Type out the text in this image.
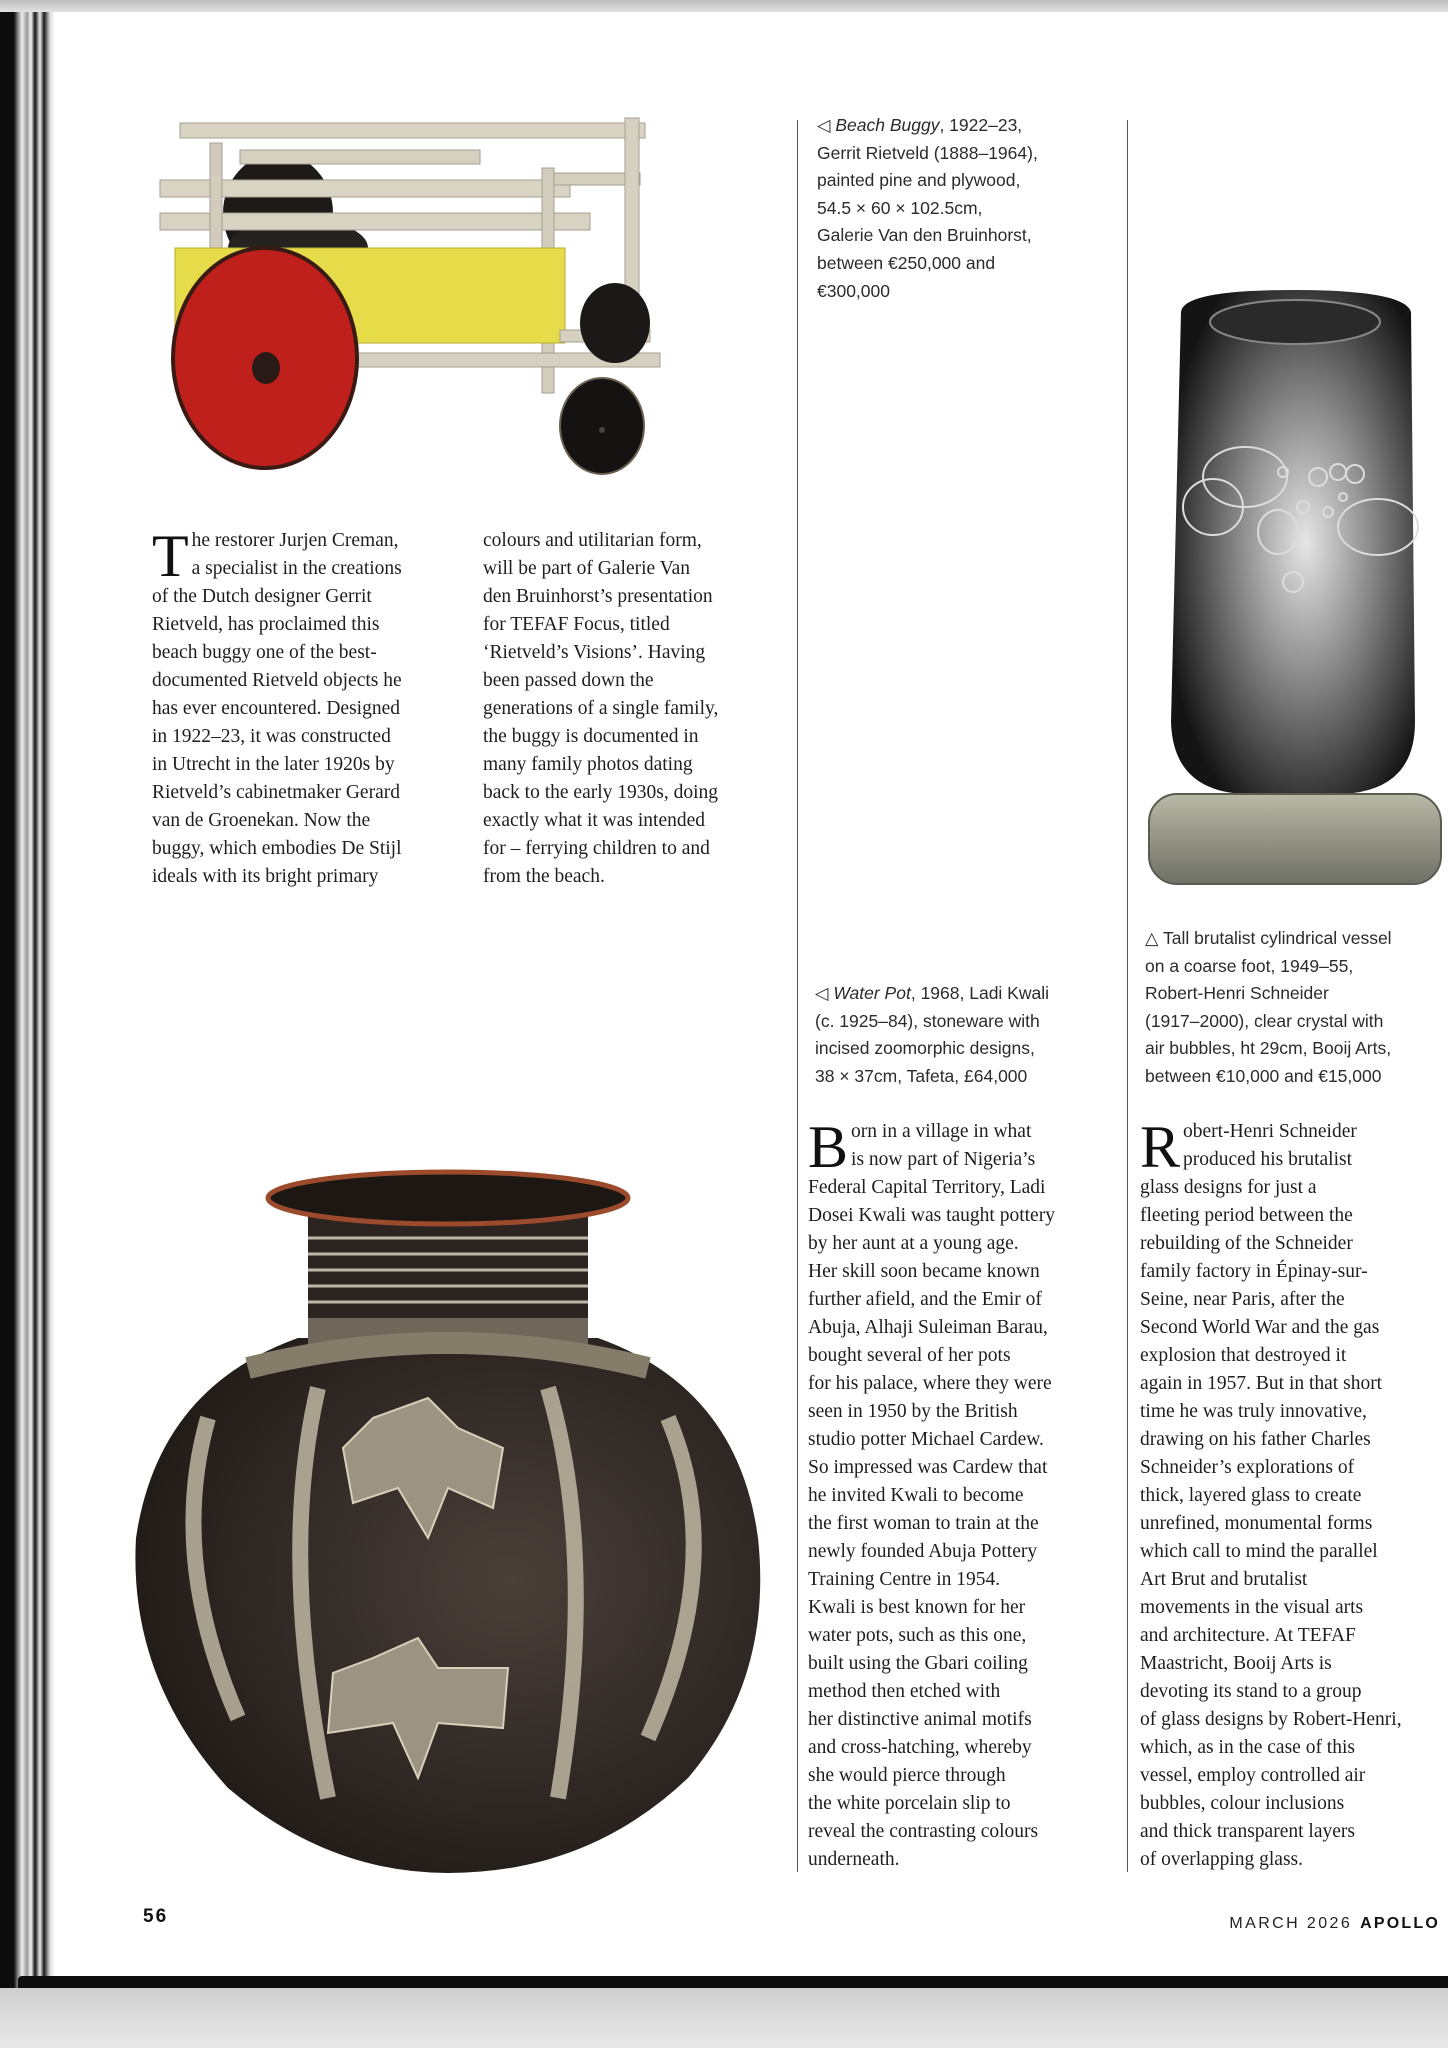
◁ Beach Buggy, 1922–23,

Gerrit Rietveld (1888–1964),

painted pine and plywood,

54.5 × 60 × 102.5cm,

Galerie Van den Bruinhorst,

between €250,000 and

€300,000

T he restorer Jurjen Creman,

a specialist in the creations

of the Dutch designer Gerrit

Rietveld, has proclaimed this

beach buggy one of the best-

documented Rietveld objects he

has ever encountered. Designed

in 1922–23, it was constructed

in Utrecht in the later 1920s by

Rietveld’s cabinetmaker Gerard

van de Groenekan. Now the

buggy, which embodies De Stijl

ideals with its bright primary

colours and utilitarian form,

will be part of Galerie Van

den Bruinhorst’s presentation

for TEFAF Focus, titled

‘Rietveld’s Visions’. Having

been passed down the

generations of a single family,

the buggy is documented in

many family photos dating

back to the early 1930s, doing

exactly what it was intended

for – ferrying children to and

from the beach.

△ Tall brutalist cylindrical vessel

on a coarse foot, 1949–55,

Robert-Henri Schneider

(1917–2000), clear crystal with

air bubbles, ht 29cm, Booij Arts,

between €10,000 and €15,000

◁ Water Pot, 1968, Ladi Kwali

(c. 1925–84), stoneware with

incised zoomorphic designs,

38 × 37cm, Tafeta, £64,000

B orn in a village in what

is now part of Nigeria’s

Federal Capital Territory, Ladi

Dosei Kwali was taught pottery

by her aunt at a young age.

Her skill soon became known

further afield, and the Emir of

Abuja, Alhaji Suleiman Barau,

bought several of her pots

for his palace, where they were

seen in 1950 by the British

studio potter Michael Cardew.

So impressed was Cardew that

he invited Kwali to become

the first woman to train at the

newly founded Abuja Pottery

Training Centre in 1954.

Kwali is best known for her

water pots, such as this one,

built using the Gbari coiling

method then etched with

her distinctive animal motifs

and cross-hatching, whereby

she would pierce through

the white porcelain slip to

reveal the contrasting colours

underneath.

R obert-Henri Schneider

produced his brutalist

glass designs for just a

fleeting period between the

rebuilding of the Schneider

family factory in Épinay-sur-

Seine, near Paris, after the

Second World War and the gas

explosion that destroyed it

again in 1957. But in that short

time he was truly innovative,

drawing on his father Charles

Schneider’s explorations of

thick, layered glass to create

unrefined, monumental forms

which call to mind the parallel

Art Brut and brutalist

movements in the visual arts

and architecture. At TEFAF

Maastricht, Booij Arts is

devoting its stand to a group

of glass designs by Robert-Henri,

which, as in the case of this

vessel, employ controlled air

bubbles, colour inclusions

and thick transparent layers

of overlapping glass.

56	MARCH 2026 APOLLO
